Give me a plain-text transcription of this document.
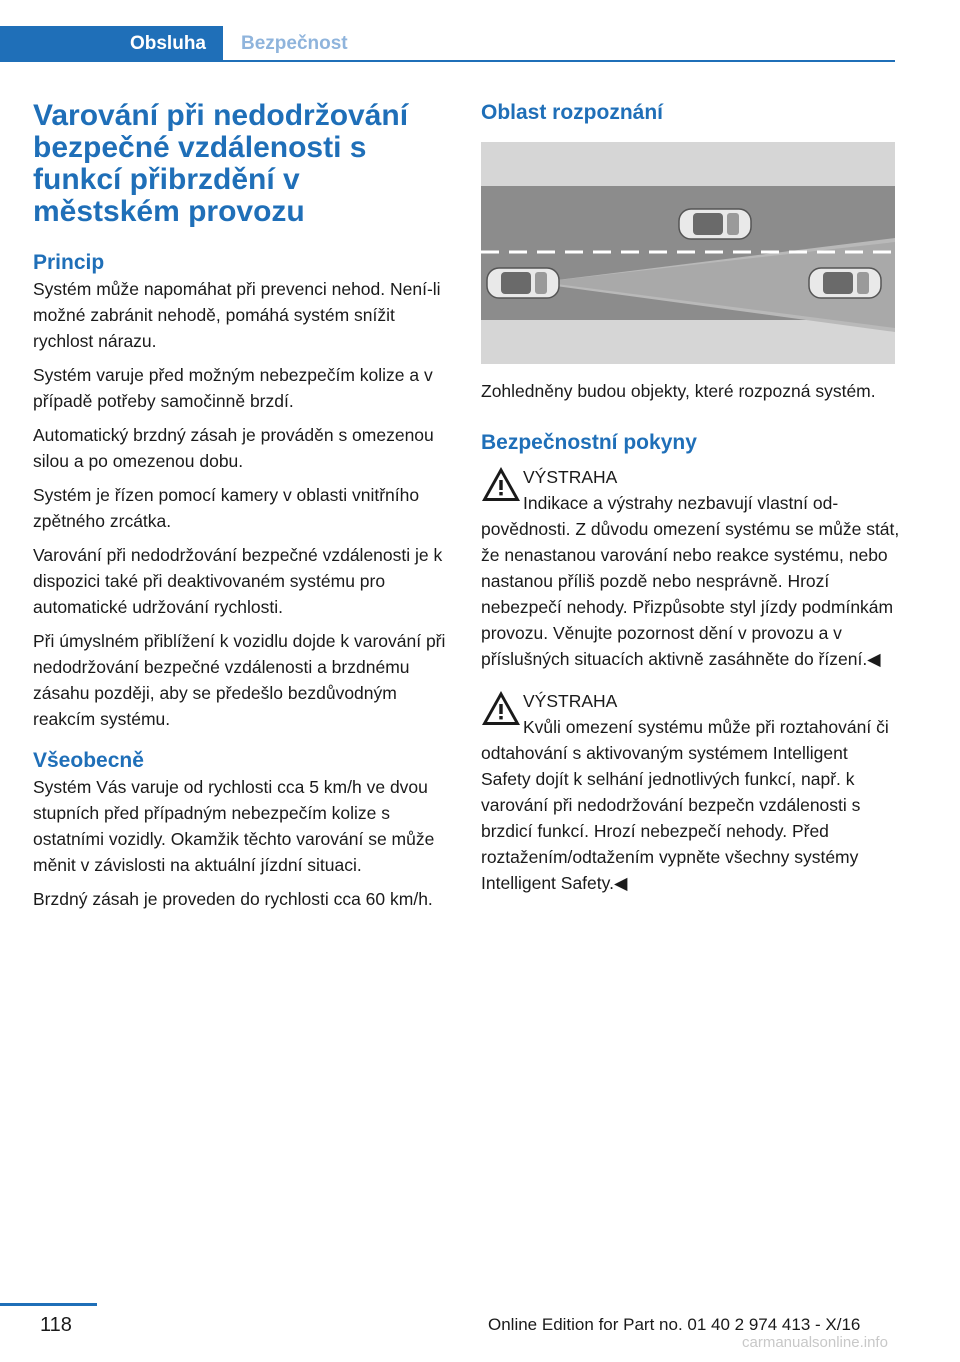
Obsluha	Bezpečnost
Varování při nedodržování bezpečné vzdálenosti s funkcí přibrzdění v městském provozu
Princip

Systém může napomáhat při prevenci nehod. Není-li možné zabránit nehodě, pomáhá systém snížit rychlost nárazu.

Systém varuje před možným nebezpečím kolize a v případě potřeby samočinně brzdí.

Automatický brzdný zásah je prováděn s omezenou silou a po omezenou dobu.

Systém je řízen pomocí kamery v oblasti vnitřního zpětného zrcátka.

Varování při nedodržování bezpečné vzdálenosti je k dispozici také při deaktivovaném systému pro automatické udržování rychlosti.

Při úmyslném přiblížení k vozidlu dojde k varování při nedodržování bezpečné vzdálenosti a brzdnému zásahu později, aby se předešlo bezdůvodným reakcím systému.

Všeobecně

Systém Vás varuje od rychlosti cca 5 km/h ve dvou stupních před případným nebezpečím kolize s ostatními vozidly. Okamžik těchto varování se může měnit v závislosti na aktuální jízdní situaci.

Brzdný zásah je proveden do rychlosti cca 60 km/h.

Oblast rozpoznání

Zohledněny budou objekty, které rozpozná systém.

Bezpečnostní pokyny
VÝSTRAHA

Indikace a výstrahy nezbavují vlastní odpovědnosti. Z důvodu omezení systému se může stát, že nenastanou varování nebo reakce systému, nebo nastanou příliš pozdě nebo nesprávně. Hrozí nebezpečí nehody. Přizpůsobte styl jízdy podmínkám provozu. Věnujte pozornost dění v provozu a v příslušných situacích aktivně zasáhněte do řízení.◀

VÝSTRAHA

Kvůli omezení systému může při roztahování či odtahování s aktivovaným systémem Intelligent Safety dojít k selhání jednotlivých funkcí, např. k varování při nedodržování bezpečn vzdálenosti s brzdicí funkcí. Hrozí nebezpečí nehody. Před roztažením/odtažením vypněte všechny systémy Intelligent Safety.◀

118	Online Edition for Part no. 01 40 2 974 413 - X/16
carmanualsonline.info
